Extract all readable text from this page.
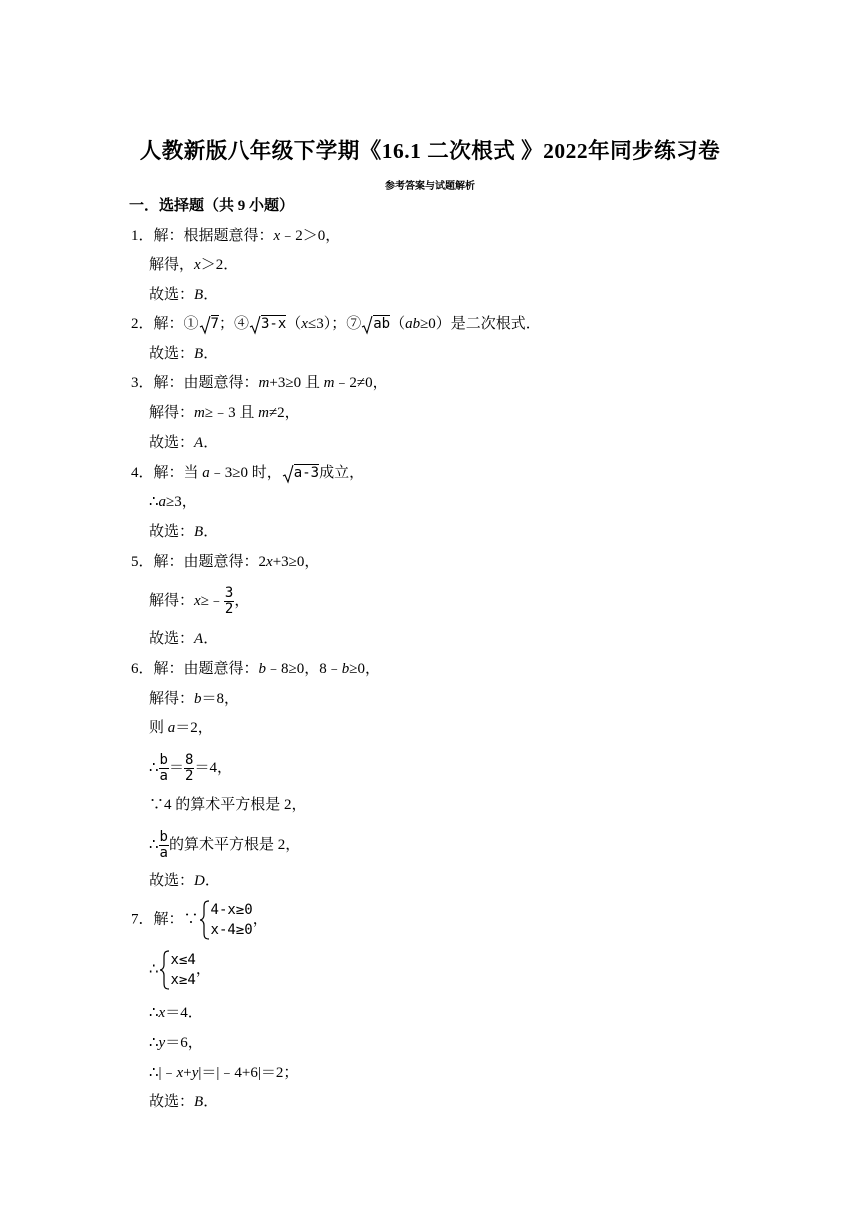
人教新版八年级下学期《16.1 二次根式 》2022年同步练习卷
参考答案与试题解析
一．选择题（共 9 小题）
1．解：根据题意得：x﹣2＞0，
解得，x＞2．
故选：B．
2．解：① 7；④ 3-x（x≤3）；⑦ ab（ab≥0）是二次根式．
故选：B．
3．解：由题意得：m+3≥0 且 m﹣2≠0，
解得：m≥﹣3 且 m≠2，
故选：A．
4．解：当 a﹣3≥0 时， a-3成立，
∴a≥3，
故选：B．
5．解：由题意得：2x+3≥0，
解得：x≥﹣ $\frac{3}{2}$ ，
故选：A．
6．解：由题意得：b﹣8≥0，8﹣b≥0，
解得：b＝8，
则 a＝2，
∴ $\frac{b}{a} = \frac{8}{2} =4$，
∵4 的算术平方根是 2，
∴ $\frac{b}{a}$ 的算术平方根是 2，
故选：D．
7．解：∵
4-x≥0
x-4≥0
，
∴
x≤4
x≥4
，
∴x＝4．
∴y＝6，
∴|﹣x+y|＝|﹣4+6|＝2；
故选：B．
